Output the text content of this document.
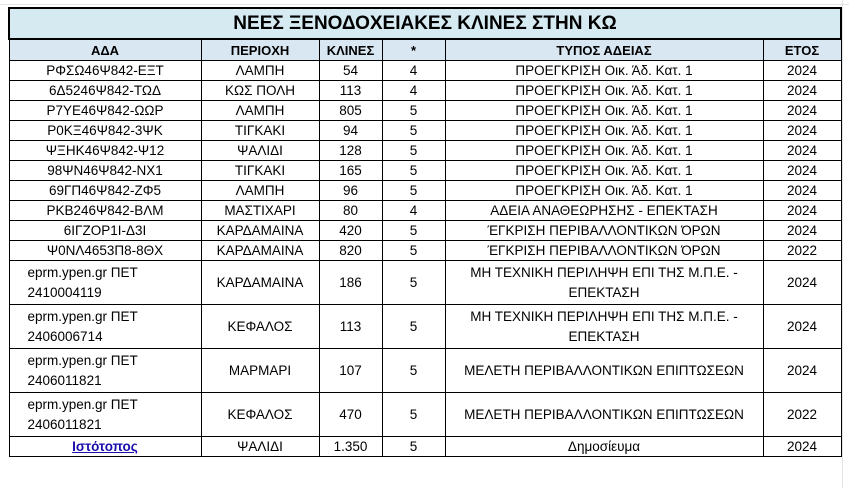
ΝΕΕΣ ΞΕΝΟΔΟΧΕΙΑΚΕΣ ΚΛΙΝΕΣ ΣΤΗΝ ΚΩ					
ΑΔΑ	ΠΕΡΙΟΧΗ	ΚΛΙΝΕΣ	*	ΤΥΠΟΣ ΑΔΕΙΑΣ	ΕΤΟΣ
ΡΦΣΩ46Ψ842-ΕΞΤ	ΛΑΜΠΗ	54	4	ΠΡΟΕΓΚΡΙΣΗ Οικ. Άδ. Κατ. 1	2024
6Δ5246Ψ842-ΤΩΔ	ΚΩΣ ΠΟΛΗ	113	4	ΠΡΟΕΓΚΡΙΣΗ Οικ. Άδ. Κατ. 1	2024
Ρ7ΥΕ46Ψ842-ΩΩΡ	ΛΑΜΠΗ	805	5	ΠΡΟΕΓΚΡΙΣΗ Οικ. Άδ. Κατ. 1	2024
Ρ0ΚΞ46Ψ842-3ΨΚ	ΤΙΓΚΑΚΙ	94	5	ΠΡΟΕΓΚΡΙΣΗ Οικ. Άδ. Κατ. 1	2024
ΨΞΗΚ46Ψ842-Ψ12	ΨΑΛΙΔΙ	128	5	ΠΡΟΕΓΚΡΙΣΗ Οικ. Άδ. Κατ. 1	2024
98ΨΝ46Ψ842-ΝΧ1	ΤΙΓΚΑΚΙ	165	5	ΠΡΟΕΓΚΡΙΣΗ Οικ. Άδ. Κατ. 1	2024
69ΓΠ46Ψ842-ΖΦ5	ΛΑΜΠΗ	96	5	ΠΡΟΕΓΚΡΙΣΗ Οικ. Άδ. Κατ. 1	2024
ΡΚΒ246Ψ842-ΒΛΜ	ΜΑΣΤΙΧΑΡΙ	80	4	ΑΔΕΙΑ ΑΝΑΘΕΩΡΗΣΗΣ - ΕΠΕΚΤΑΣΗ	2024
6ΙΓΖΟΡ1Ι-Δ3Ι	ΚΑΡΔΑΜΑΙΝΑ	420	5	ΈΓΚΡΙΣΗ ΠΕΡΙΒΑΛΛΟΝΤΙΚΩΝ ΌΡΩΝ	2024
Ψ0ΝΛ4653Π8-8ΘΧ	ΚΑΡΔΑΜΑΙΝΑ	820	5	ΈΓΚΡΙΣΗ ΠΕΡΙΒΑΛΛΟΝΤΙΚΩΝ ΌΡΩΝ	2022
eprm.ypen.gr ΠΕΤ 2410004119	ΚΑΡΔΑΜΑΙΝΑ	186	5	ΜΗ ΤΕΧΝΙΚΗ ΠΕΡΙΛΗΨΗ ΕΠΙ ΤΗΣ Μ.Π.Ε. - ΕΠΕΚΤΑΣΗ	2024
eprm.ypen.gr ΠΕΤ 2406006714	ΚΕΦΑΛΟΣ	113	5	ΜΗ ΤΕΧΝΙΚΗ ΠΕΡΙΛΗΨΗ ΕΠΙ ΤΗΣ Μ.Π.Ε. - ΕΠΕΚΤΑΣΗ	2024
eprm.ypen.gr ΠΕΤ 2406011821	ΜΑΡΜΑΡΙ	107	5	ΜΕΛΕΤΗ ΠΕΡΙΒΑΛΛΟΝΤΙΚΩΝ ΕΠΙΠΤΩΣΕΩΝ	2024
eprm.ypen.gr ΠΕΤ 2406011821	ΚΕΦΑΛΟΣ	470	5	ΜΕΛΕΤΗ ΠΕΡΙΒΑΛΛΟΝΤΙΚΩΝ ΕΠΙΠΤΩΣΕΩΝ	2022
Ιστότοπος	ΨΑΛΙΔΙ	1.350	5	Δημοσίευμα	2024
